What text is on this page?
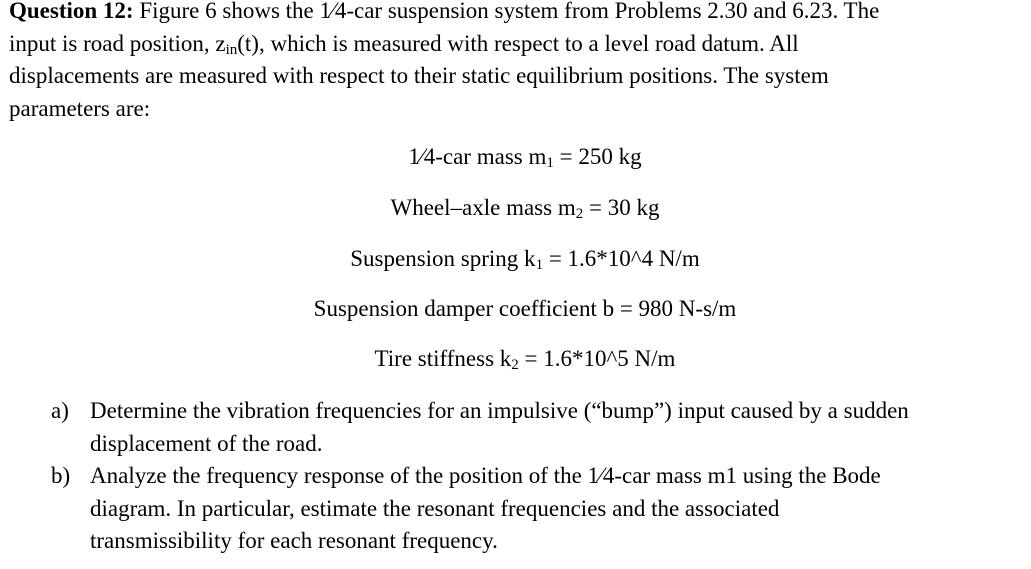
Question 12: Figure 6 shows the 1⁄4-car suspension system from Problems 2.30 and 6.23. The
input is road position, $z_{in}(t)$, which is measured with respect to a level road datum. All
displacements are measured with respect to their static equilibrium positions. The system
parameters are:

1⁄4-car mass $m_1 = 250$ kg
Wheel–axle mass $m_2 = 30$ kg
Suspension spring $k_1$ = 1.6*10^4 N/m
Suspension damper coefficient b = 980 N-s/m
Tire stiffness $k_2$ = 1.6*10^5 N/m
a) Determine the vibration frequencies for an impulsive (“bump”) input caused by a sudden
displacement of the road.
b) Analyze the frequency response of the position of the 1⁄4-car mass m1 using the Bode
diagram. In particular, estimate the resonant frequencies and the associated
transmissibility for each resonant frequency.
